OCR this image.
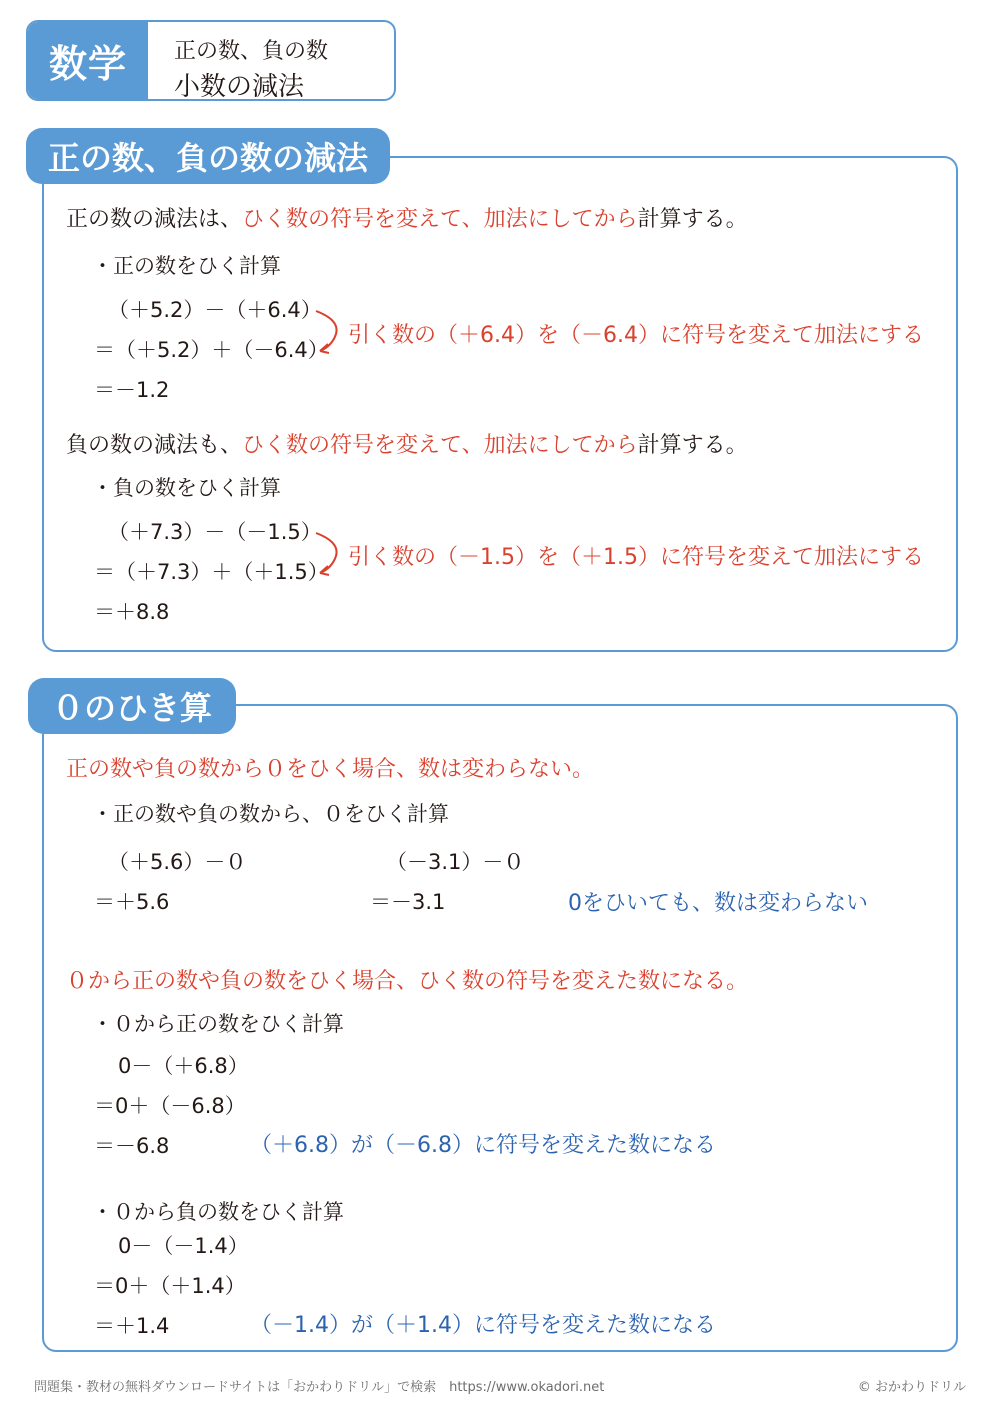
数学	正の数、負の数
小数の減法
正の数、負の数の減法
正の数の減法は、ひく数の符号を変えて、加法にしてから計算する。
・正の数をひく計算
（＋5.2）－（＋6.4）
＝（＋5.2）＋（－6.4）
＝－1.2
引く数の（＋6.4）を（－6.4）に符号を変えて加法にする
負の数の減法も、ひく数の符号を変えて、加法にしてから計算する。
・負の数をひく計算
（＋7.3）－（－1.5）
＝（＋7.3）＋（＋1.5）
＝＋8.8
引く数の（－1.5）を（＋1.5）に符号を変えて加法にする
０のひき算
正の数や負の数から０をひく場合、数は変わらない。
・正の数や負の数から、０をひく計算
（＋5.6）－０
＝＋5.6
（－3.1）－０
＝－3.1	0をひいても、数は変わらない
０から正の数や負の数をひく場合、ひく数の符号を変えた数になる。
・０から正の数をひく計算
0－（＋6.8）
＝0＋（－6.8）
＝－6.8	（＋6.8）が（－6.8）に符号を変えた数になる
・０から負の数をひく計算
0－（－1.4）
＝0＋（＋1.4）
＝＋1.4	（－1.4）が（＋1.4）に符号を変えた数になる
問題集・教材の無料ダウンロードサイトは「おかわりドリル」で検索　https://www.okadori.net	© おかわりドリル
